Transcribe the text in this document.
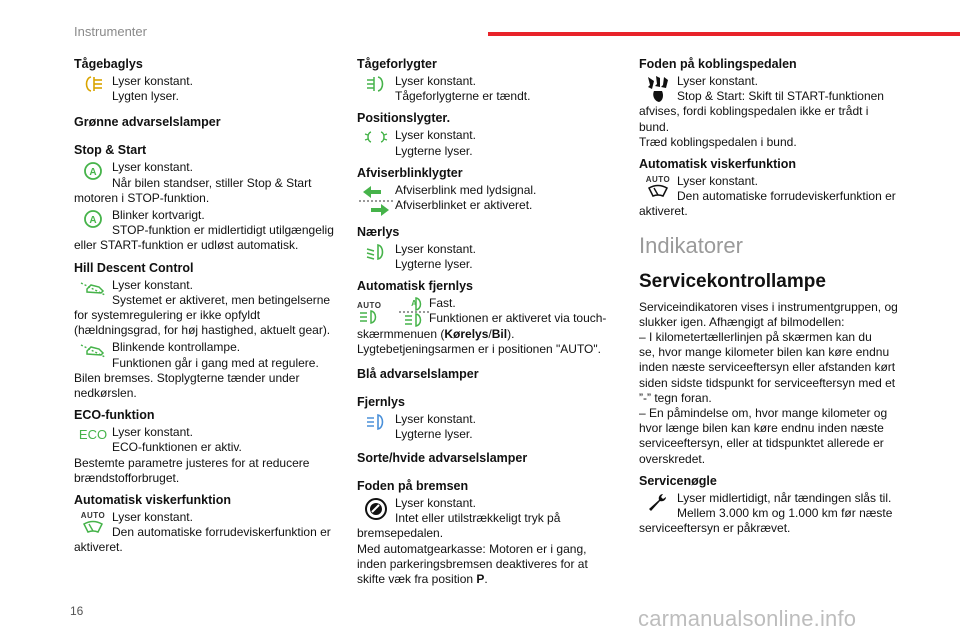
Instrumenter
Tågebaglys

Lyser konstant.

Lygten lyser.

Grønne advarselslamper
Stop & Start
A Lyser konstant.

Når bilen standser, stiller Stop & Start

motoren i STOP-funktion.

A Blinker kortvarigt.

STOP-funktion er midlertidigt utilgængelig

eller START-funktion er udløst automatisk.

Hill Descent Control

Lyser konstant.

Systemet er aktiveret, men betingelserne

for systemregulering er ikke opfyldt

(hældningsgrad, for høj hastighed, aktuelt gear).

Blinkende kontrollampe.

Funktionen går i gang med at regulere.

Bilen bremses. Stoplygterne tænder under

nedkørslen.

ECO-funktion
ECO Lyser konstant.

ECO-funktionen er aktiv.

Bestemte parametre justeres for at reducere

brændstofforbruget.

Automatisk viskerfunktion
AUTO Lyser konstant.

Den automatiske forrudeviskerfunktion er

aktiveret.

Tågeforlygter

Lyser konstant.

Tågeforlygterne er tændt.

Positionslygter.

Lyser konstant.

Lygterne lyser.

Afviserblinklygter

Afviserblink med lydsignal.

Afviserblinket er aktiveret.

Nærlys

Lyser konstant.

Lygterne lyser.

Automatisk fjernlys
AUTO	A Fast.

Funktionen er aktiveret via touch-

skærmmenuen (Kørelys/Bil).

Lygtebetjeningsarmen er i positionen "AUTO".

Blå advarselslamper
Fjernlys

Lyser konstant.

Lygterne lyser.

Sorte/hvide advarselslamper
Foden på bremsen

Lyser konstant.

Intet eller utilstrækkeligt tryk på

bremsepedalen.

Med automatgearkasse: Motoren er i gang,

inden parkeringsbremsen deaktiveres for at

skifte væk fra position P.

Foden på koblingspedalen

Lyser konstant.

Stop & Start: Skift til START-funktionen

afvises, fordi koblingspedalen ikke er trådt i

bund.

Træd koblingspedalen i bund.

Automatisk viskerfunktion
AUTO Lyser konstant.

Den automatiske forrudeviskerfunktion er

aktiveret.

Indikatorer
Servicekontrollampe

Serviceindikatoren vises i instrumentgruppen, og

slukker igen. Afhængigt af bilmodellen:

– I kilometertællerlinjen på skærmen kan du

se, hvor mange kilometer bilen kan køre endnu

inden næste serviceeftersyn eller afstanden kørt

siden sidste tidspunkt for serviceeftersyn med et

”-” tegn foran.

– En påmindelse om, hvor mange kilometer og

hvor længe bilen kan køre endnu inden næste

serviceeftersyn, eller at tidspunktet allerede er

overskredet.

Servicenøgle

Lyser midlertidigt, når tændingen slås til.

Mellem 3.000 km og 1.000 km før næste

serviceeftersyn er påkrævet.

16	carmanualsonline.info
